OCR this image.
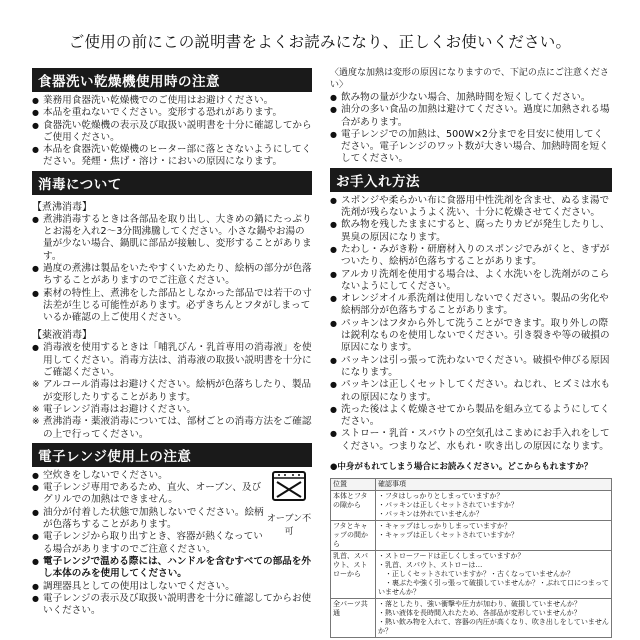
ご使用の前にこの説明書をよくお読みになり、正しくお使いください。
食器洗い乾燥機使用時の注意
● 業務用食器洗い乾燥機でのご使用はお避けください。
● 本品を重ねないでください。変形する恐れがあります。
● 食器洗い乾燥機の表示及び取扱い説明書を十分に確認してからご使用ください。
● 本品を食器洗い乾燥機のヒーター部に落とさないようにしてください。発煙・焦げ・溶け・においの原因になります。
消毒について
【煮沸消毒】
● 煮沸消毒するときは各部品を取り出し、大きめの鍋にたっぷりとお湯を入れ2～3分間沸騰してください。小さな鍋やお湯の量が少ない場合、鍋肌に部品が接触し、変形することがあります。
● 過度の煮沸は製品をいたやすくいためたり、絵柄の部分が色落ちすることがありますのでご注意ください。
● 素材の特性上、煮沸をした部品としなかった部品では若干の寸法差が生じる可能性があります。必ずきちんとフタがしまっているか確認の上ご使用ください。
【薬液消毒】
● 消毒液を使用するときは「哺乳びん・乳首専用の消毒液」を使用してください。消毒方法は、消毒液の取扱い説明書を十分にご確認ください。
※ アルコール消毒はお避けください。絵柄が色落ちしたり、製品が変形したりすることがあります。
※ 電子レンジ消毒はお避けください。
※ 煮沸消毒・薬液消毒については、部材ごとの消毒方法をご確認の上で行ってください。
電子レンジ使用上の注意
● 空炊きをしないでください。
● 電子レンジ専用であるため、直火、オーブン、及びグリルでの加熱はできません。
● 油分が付着した状態で加熱しないでください。絵柄が色落ちすることがあります。
● 電子レンジから取り出すとき、容器が熱くなっている場合がありますのでご注意ください。
オーブン不可
● 電子レンジで温める際には、ハンドルを含むすべての部品を外し本体のみを使用してください。
● 調理器具としての使用はしないでください。
● 電子レンジの表示及び取扱い説明書を十分に確認してからお使いください。
〈過度な加熱は変形の原因になりますので、下記の点にご注意ください〉
● 飲み物の量が少ない場合、加熱時間を短くしてください。
● 油分の多い食品の加熱は避けてください。過度に加熱される場合があります。
● 電子レンジでの加熱は、500W×2分までを目安に使用してください。電子レンジのワット数が大きい場合、加熱時間を短くしてください。
お手入れ方法
● スポンジや柔らかい布に食器用中性洗剤を含ませ、ぬるま湯で洗剤が残らないようよく洗い、十分に乾燥させてください。
● 飲み物を残したままにすると、腐ったりカビが発生したりし、異臭の原因になります。
● たわし・みがき粉・研磨材入りのスポンジでみがくと、きずがついたり、絵柄が色落ちすることがあります。
● アルカリ洗剤を使用する場合は、よく水洗いをし洗剤がのこらないようにしてください。
● オレンジオイル系洗剤は使用しないでください。製品の劣化や絵柄部分が色落ちすることがあります。
● パッキンはフタから外して洗うことができます。取り外しの際は鋭利なものを使用しないでください。引き裂きや等の破損の原因になります。
● パッキンは引っ張って洗わないでください。破損や伸びる原因になります。
● パッキンは正しくセットしてください。ねじれ、ヒズミは水もれの原因になります。
● 洗った後はよく乾燥させてから製品を組み立てるようにしてください。
● ストロー・乳首・スパウトの空気孔はこまめにお手入れをしてください。つまりなど、水もれ・吹き出しの原因になります。
●中身がもれてしまう場合にお読みください。どこからもれますか？
位置	確認事項
本体とフタの隙から	・フタはしっかりとしまっていますか？
・パッキンは正しくセットされていますか？
・パッキンは外れていませんか？
フタとキャップの間から	・キャップはしっかりしまっていますか？
・キャップは正しくセットされていますか？
乳首、スパウト、ストローから	・ストローフードは正しくしまっていますか？
・乳首、スパウト、ストローは…
　・正しくセットされていますか？・古くなっていませんか？
　・裏ぶたや強く引っ張って破損していませんか？・ぶれて口につまっていませんか？
全パーツ共通	・落としたり、強い衝撃や圧力が加わり、破損していませんか？
・熱い液体を長時間入れたため、各部品が変形していませんか？
・熱い飲み物を入れて、容器の内圧が高くなり、吹き出しをしていませんか？
